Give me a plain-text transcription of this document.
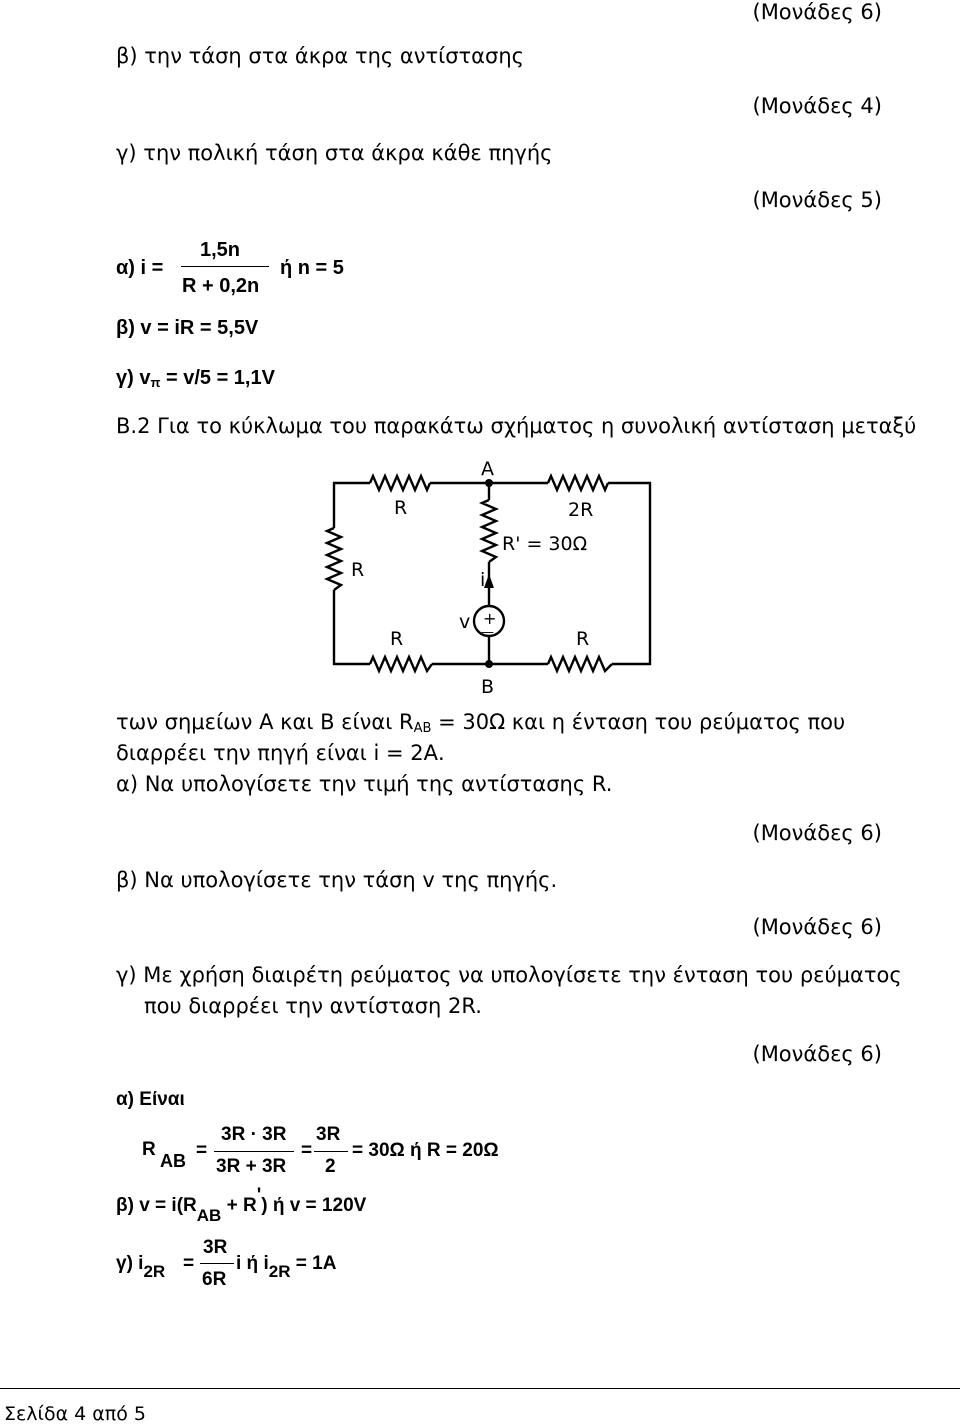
(Μονάδες 6)
β) την τάση στα άκρα της αντίστασης
(Μονάδες 4)
γ) την πολική τάση στα άκρα κάθε πηγής
(Μονάδες 5)
α) i =
1,5n
R + 0,2n
ή n = 5
β) v = iR = 5,5V
γ) $v_\pi = v/5 = 1,1V$
Β.2 Για το κύκλωμα του παρακάτω σχήματος η συνολική αντίσταση μεταξύ
Α
Β
R	2R
R
R' = 30Ω
i
v
R	R
+
—
των σημείων Α και Β είναι $R_{AB} = 30\Omega$ και η ένταση του ρεύματος που
διαρρέει την πηγή είναι i = 2Α.
α) Να υπολογίσετε την τιμή της αντίστασης R.
(Μονάδες 6)
β) Να υπολογίσετε την τάση v της πηγής.
(Μονάδες 6)
γ) Με χρήση διαιρέτη ρεύματος να υπολογίσετε την ένταση του ρεύματος
που διαρρέει την αντίσταση 2R.
(Μονάδες 6)
α) Είναι
R
ΑΒ =
3R · 3R
3R + 3R
=
3R
2
= 30Ω ή R = 20Ω
β) v = i(RΑΒ + R') ή v = 120V
γ) i2R =
3R
6R
i ή i2R = 1A
Σελίδα 4 από 5
